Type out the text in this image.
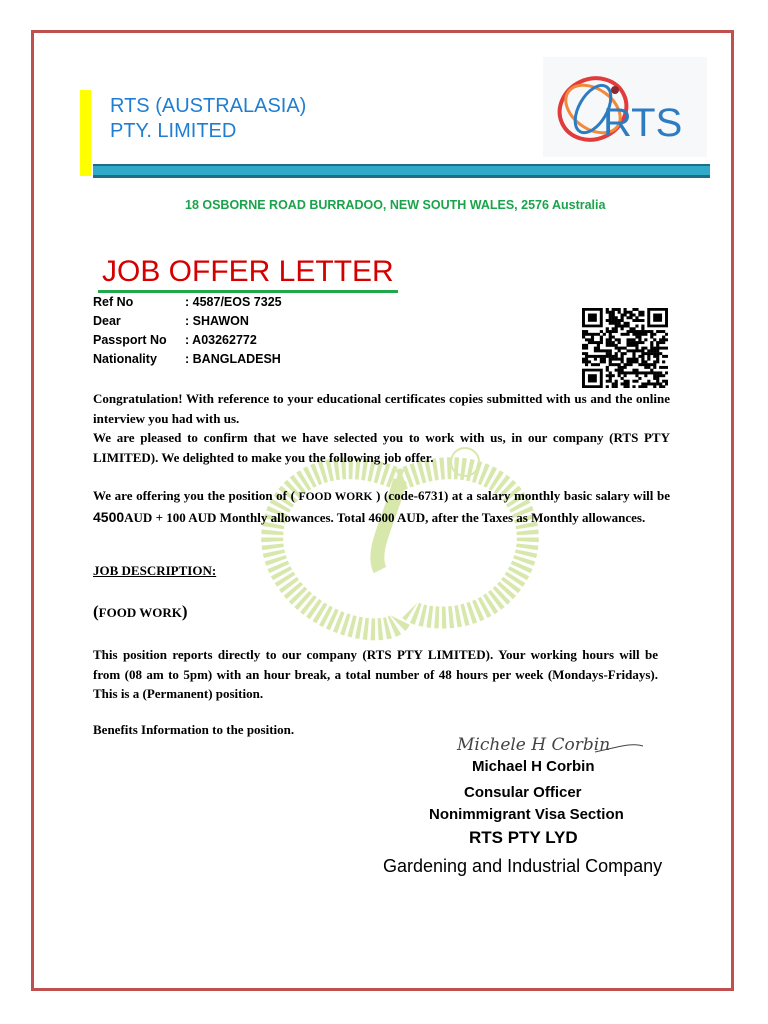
RTS (AUSTRALASIA)
PTY. LIMITED	RTS
18 OSBORNE ROAD BURRADOO, NEW SOUTH WALES, 2576 Australia
JOB OFFER LETTER
Ref No	: 4587/EOS 7325
Dear	: SHAWON
Passport No	: A03262772
Nationality	: BANGLADESH
Congratulation! With reference to your educational certificates copies submitted with us and the online interview you had with us.
We are pleased to confirm that we have selected you to work with us, in our company (RTS PTY LIMITED). We delighted to make you the following job offer.
We are offering you the position of ( FOOD WORK ) (code-6731) at a salary monthly basic salary will be 4500AUD + 100 AUD Monthly allowances. Total 4600 AUD, after the Taxes as Monthly allowances.
JOB DESCRIPTION:
(FOOD WORK)
This position reports directly to our company (RTS PTY LIMITED). Your working hours will be from (08 am to 5pm) with an hour break, a total number of 48 hours per week (Mondays-Fridays). This is a (Permanent) position.
Benefits Information to the position.
Michele H Corbin
Michael H Corbin
Consular Officer
Nonimmigrant Visa Section
RTS PTY LYD
Gardening and Industrial Company
